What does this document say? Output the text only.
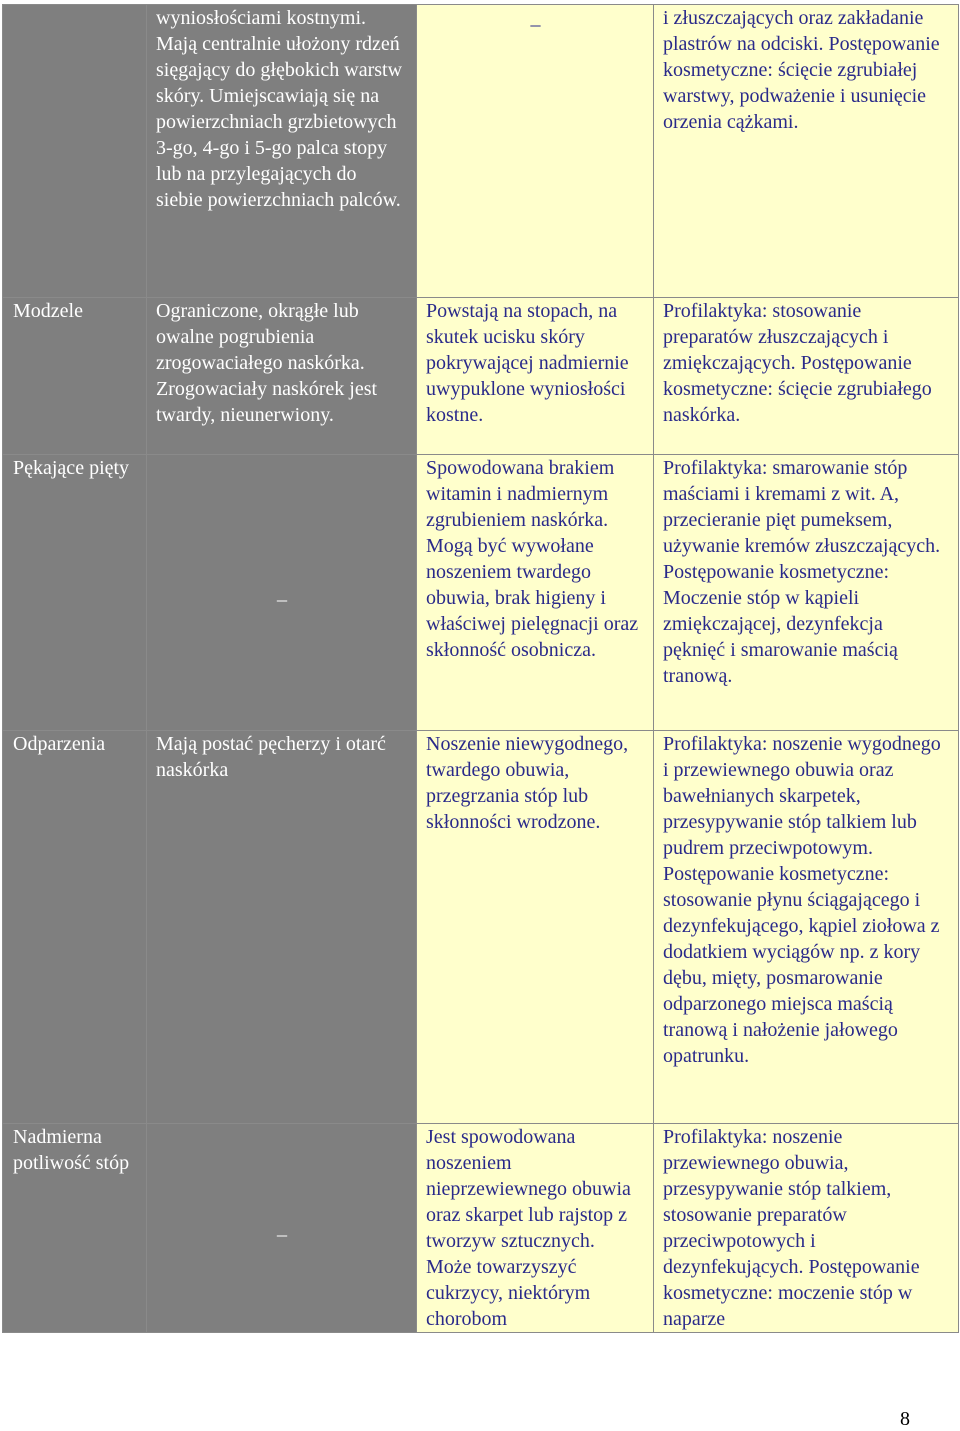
	wyniosłościami kostnymi. Mają centralnie ułożony rdzeń sięgający do głębokich warstw skóry. Umiejscawiają się na powierzchniach grzbietowych 3-go, 4-go i 5-go palca stopy lub na przylegających do siebie powierzchniach palców.	_	i złuszczających oraz zakładanie plastrów na odciski. Postępowanie kosmetyczne: ścięcie zgrubiałej warstwy, podważenie i usunięcie orzenia cążkami.
Modzele	Ograniczone, okrągłe lub owalne pogrubienia zrogowaciałego naskórka. Zrogowaciały naskórek jest twardy, nieunerwiony.	Powstają na stopach, na skutek ucisku skóry pokrywającej nadmiernie uwypuklone wyniosłości kostne.	Profilaktyka: stosowanie preparatów złuszczających i zmiękczających. Postępowanie kosmetyczne: ścięcie zgrubiałego naskórka.
Pękające pięty	_	Spowodowana brakiem witamin i nadmiernym zgrubieniem naskórka. Mogą być wywołane noszeniem twardego obuwia, brak higieny i właściwej pielęgnacji oraz skłonność osobnicza.	Profilaktyka: smarowanie stóp maściami i kremami z wit. A, przecieranie pięt pumeksem, używanie kremów złuszczających. Postępowanie kosmetyczne: Moczenie stóp w kąpieli zmiękczającej, dezynfekcja pęknięć i smarowanie maścią tranową.
Odparzenia	Mają postać pęcherzy i otarć naskórka	Noszenie niewygodnego, twardego obuwia, przegrzania stóp lub skłonności wrodzone.	Profilaktyka: noszenie wygodnego i przewiewnego obuwia oraz bawełnianych skarpetek, przesypywanie stóp talkiem lub pudrem przeciwpotowym. Postępowanie kosmetyczne: stosowanie płynu ściągającego i dezynfekującego, kąpiel ziołowa z dodatkiem wyciągów np. z kory dębu, mięty, posmarowanie odparzonego miejsca maścią tranową i nałożenie jałowego opatrunku.
Nadmierna potliwość stóp	_	Jest spowodowana noszeniem nieprzewiewnego obuwia oraz skarpet lub rajstop z tworzyw sztucznych. Może towarzyszyć cukrzycy, niektórym chorobom	Profilaktyka: noszenie przewiewnego obuwia, przesypywanie stóp talkiem, stosowanie preparatów przeciwpotowych i dezynfekujących. Postępowanie kosmetyczne: moczenie stóp w naparze
8
